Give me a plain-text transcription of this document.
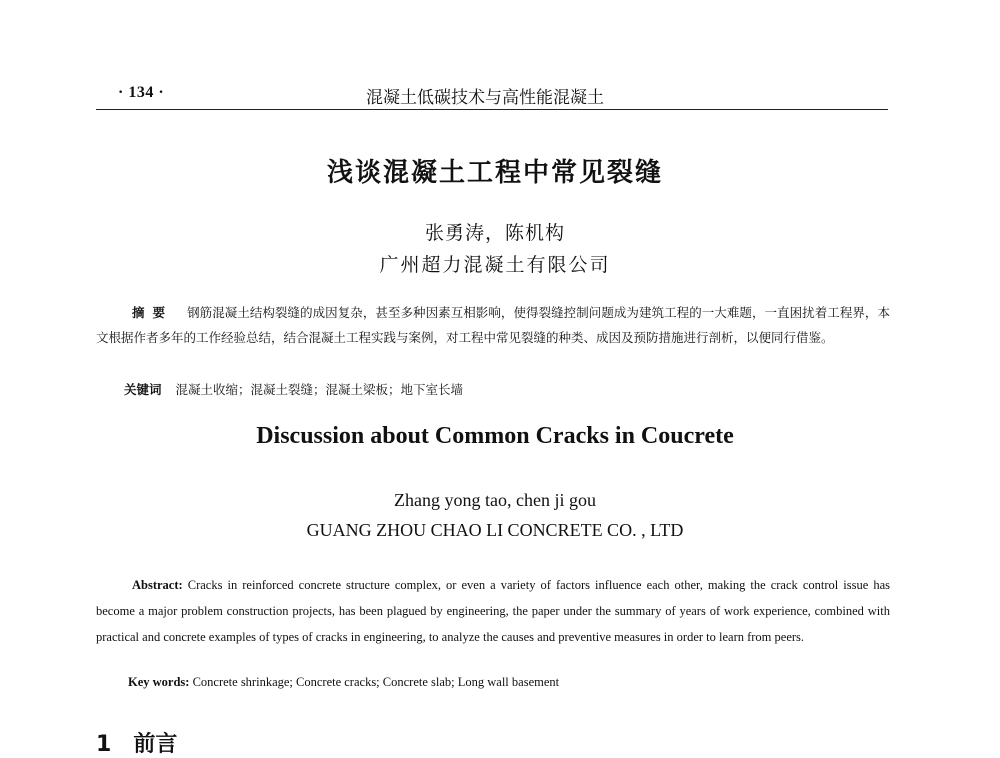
· 134 ·	混凝土低碳技术与高性能混凝土
浅谈混凝土工程中常见裂缝
张勇涛，陈机构
广州超力混凝土有限公司
摘要 钢筋混凝土结构裂缝的成因复杂，甚至多种因素互相影响，使得裂缝控制问题成为建筑工程的一大难题，一直困扰着工程界，本文根据作者多年的工作经验总结，结合混凝土工程实践与案例，对工程中常见裂缝的种类、成因及预防措施进行剖析，以便同行借鉴。
关键词 混凝土收缩；混凝土裂缝；混凝土梁板；地下室长墙
Discussion about Common Cracks in Coucrete
Zhang yong tao, chen ji gou
GUANG ZHOU CHAO LI CONCRETE CO. , LTD
Abstract: Cracks in reinforced concrete structure complex, or even a variety of factors influence each other, making the crack control issue has become a major problem construction projects, has been plagued by engineering, the paper under the summary of years of work experience, combined with practical and concrete examples of types of cracks in engineering, to analyze the causes and preventive measures in order to learn from peers.
Key words: Concrete shrinkage; Concrete cracks; Concrete slab; Long wall basement
1 前言
